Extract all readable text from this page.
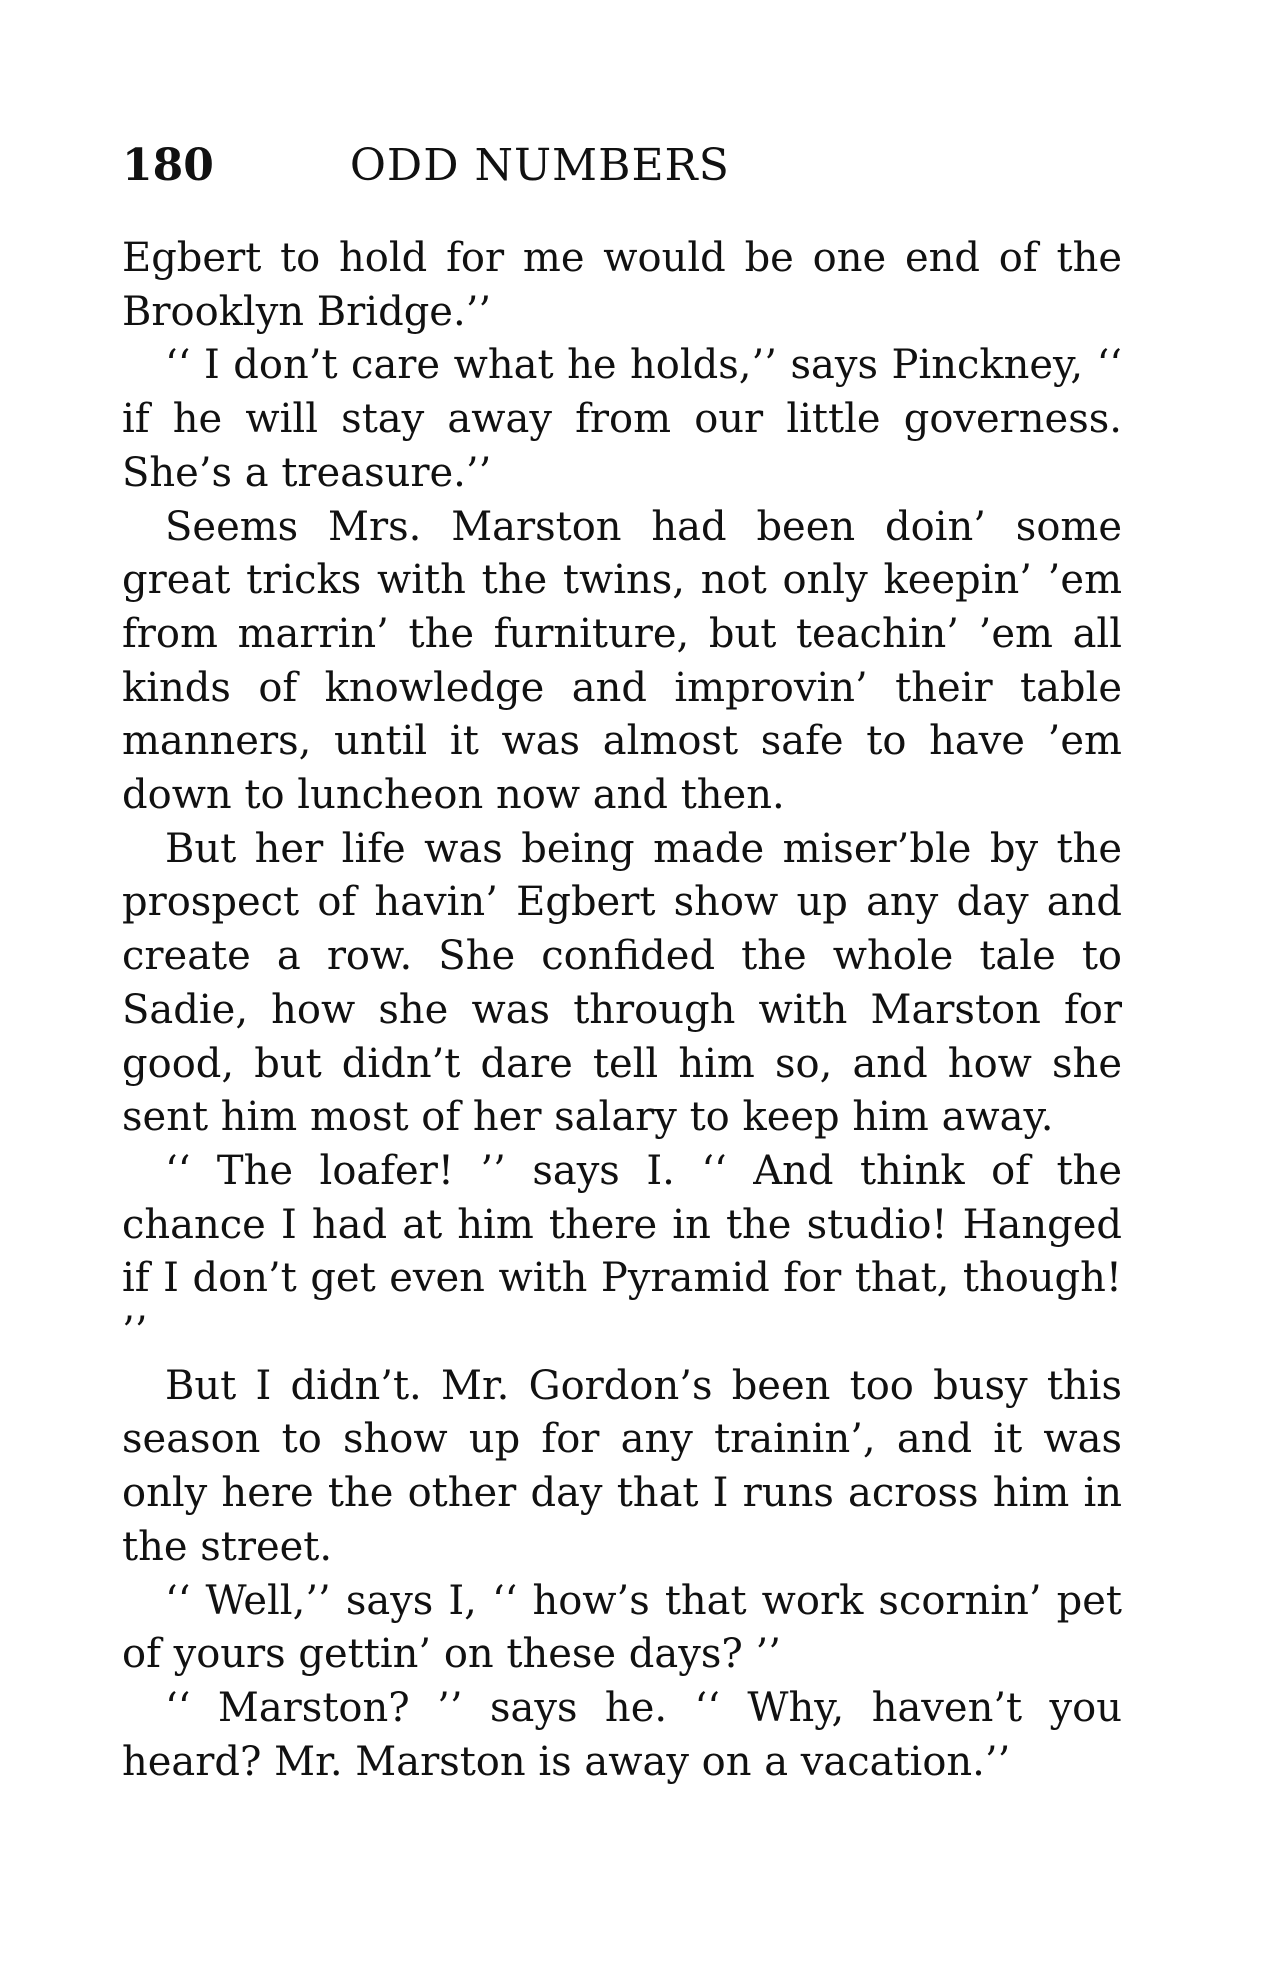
180	ODD NUMBERS

Egbert to hold for me would be one end of the Brooklyn Bridge.’’

‘‘ I don’t care what he holds,’’ says Pinckney, ‘‘ if he will stay away from our little governess. She’s a treasure.’’

Seems Mrs. Marston had been doin’ some great tricks with the twins, not only keepin’ ’em from marrin’ the furniture, but teachin’ ’em all kinds of knowledge and improvin’ their table manners, until it was almost safe to have ’em down to luncheon now and then.

But her life was being made miser’ble by the prospect of havin’ Egbert show up any day and create a row. She confided the whole tale to Sadie, how she was through with Marston for good, but didn’t dare tell him so, and how she sent him most of her salary to keep him away.

‘‘ The loafer! ’’ says I. ‘‘ And think of the chance I had at him there in the studio! Hanged if I don’t get even with Pyramid for that, though! ’’

But I didn’t. Mr. Gordon’s been too busy this season to show up for any trainin’, and it was only here the other day that I runs across him in the street.

‘‘ Well,’’ says I, ‘‘ how’s that work scornin’ pet of yours gettin’ on these days? ’’

‘‘ Marston? ’’ says he. ‘‘ Why, haven’t you heard? Mr. Marston is away on a vacation.’’
